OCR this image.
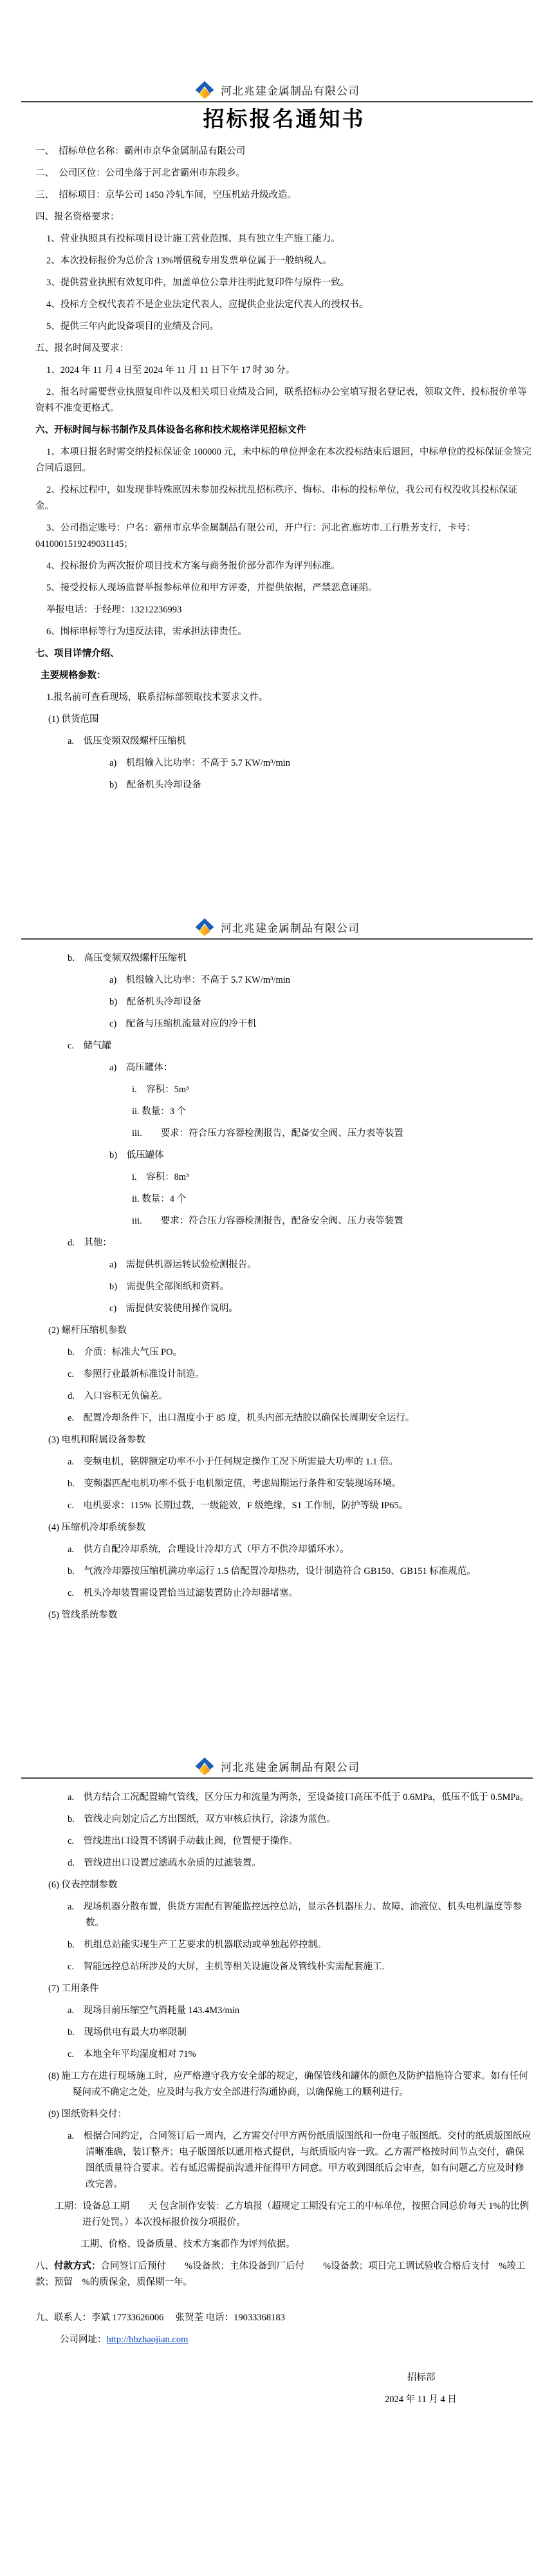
河北兆建金属制品有限公司
招标报名通知书
一、　招标单位名称：霸州市京华金属制品有限公司
二、　公司区位：公司坐落于河北省霸州市东段乡。
三、　招标项目：京华公司 1450 冷轧车间，空压机站升级改造。
四、报名资格要求：
1、营业执照具有投标项目设计施工营业范围、具有独立生产施工能力。
2、本次投标报价为总价含 13%增值税专用发票单位属于一般纳税人。
3、提供营业执照有效复印件，加盖单位公章并注明此复印件与原件一致。
4、投标方全权代表若不是企业法定代表人，应提供企业法定代表人的授权书。
5、提供三年内此设备项目的业绩及合同。
五、报名时间及要求：
1、2024 年 11 月 4 日至 2024 年 11 月 11 日下午 17 时 30 分。
2、报名时需要营业执照复印件以及相关项目业绩及合同，联系招标办公室填写报名登记表，领取文件、投标报价单等资料不准变更格式。
六、开标时间与标书制作及具体设备名称和技术规格详见招标文件
1、本项日报名时需交纳投标保证金 100000 元，未中标的单位押金在本次投标结束后退回，中标单位的投标保证金签完合同后退回。
2、投标过程中，如发现非特殊原因未参加投标扰乱招标秩序、悔标、串标的投标单位，我公司有权没收其投标保证金。
3、公司指定账号：户名：霸州市京华金属制品有限公司，开户行：河北省.廊坊市.工行胜芳支行，卡号：0410001519249031145；
4、投标报价为两次报价项目技术方案与商务报价部分都作为评判标准。
5、接受投标人现场监督举报参标单位和甲方评委，并提供依据，严禁恶意诬陷。
举报电话：于经理：13212236993
6、围标串标等行为违反法律，需承担法律责任。
七、项目详情介绍、
主要规格参数：
1.报名前可查看现场，联系招标部领取技术要求文件。
(1) 供货范围
a.　低压变频双级螺杆压缩机
a)　机组输入比功率：不高于 5.7 KW/m³/min
b)　配备机头冷却设备
河北兆建金属制品有限公司
b.　高压变频双级螺杆压缩机
a)　机组输入比功率：不高于 5.7 KW/m³/min
b)　配备机头冷却设备
c)　配备与压缩机流量对应的冷干机
c.　储气罐
a)　高压罐体：
i.　容积：5m³
ii. 数量：3 个
iii.　　要求：符合压力容器检测报告，配备安全阀、压力表等装置
b)　低压罐体
i.　容积：8m³
ii. 数量：4 个
iii.　　要求：符合压力容器检测报告，配备安全阀、压力表等装置
d.　其他：
a)　需提供机器运转试验检测报告。
b)　需提供全部图纸和资料。
c)　需提供安装使用操作说明。
(2) 螺杆压缩机参数
b.　介质：标准大气压 PO。
c.　参照行业最新标准设计制造。
d.　入口容积无负偏差。
e.　配置冷却条件下，出口温度小于 85 度，机头内部无结胶以确保长周期安全运行。
(3) 电机和附属设备参数
a.　变频电机，铭牌额定功率不小于任何规定操作工况下所需最大功率的 1.1 倍。
b.　变频器匹配电机功率不低于电机额定值，考虑周期运行条件和安装现场环境。
c.　电机要求：115% 长期过载，一级能效，F 级绝缘，S1 工作制，防护等级 IP65。
(4) 压缩机冷却系统参数
a.　供方自配冷却系统，合理设计冷却方式（甲方不供冷却循环水）。
b.　气液冷却器按压缩机满功率运行 1.5 倍配置冷却热功，设计制造符合 GB150、GB151 标准规范。
c.　机头冷却装置需设置恰当过滤装置防止冷却器堵塞。
(5) 管线系统参数
河北兆建金属制品有限公司
a.　供方结合工况配置输气管线，区分压力和流量为两条，至设备接口高压不低于 0.6MPa，低压不低于 0.5MPa。
b.　管线走向划定后乙方出图纸，双方审核后执行，涂漆为蓝色。
c.　管线进出口设置不锈钢手动截止阀，位置便于操作。
d.　管线进出口设置过滤疏水杂质的过滤装置。
(6) 仪表控制参数
a.　现场机器分散布置，供货方需配有智能监控远控总站，显示各机器压力、故障、油液位、机头电机温度等参数。
b.　机组总站能实现生产工艺要求的机器联动或单独起停控制。
c.　智能远控总站所涉及的大屏，主机等相关设施设备及管线朴实需配套施工.
(7) 工用条件
a.　现场目前压缩空气消耗量 143.4M3/min
b.　现场供电有最大功率限制
c.　本地全年平均湿度相对 71%
(8) 施工方在进行现场施工时，应严格遵守我方安全部的规定，确保管线和罐体的颜色及防护措施符合要求。如有任何疑问或不确定之处，应及时与我方安全部进行沟通协商，以确保施工的顺利进行。
(9) 图纸资料交付：
a.　根据合同约定，合同签订后一周内，乙方需交付甲方两份纸质版图纸和一份电子版图纸。交付的纸质版图纸应清晰准确，装订整齐；电子版图纸以通用格式提供，与纸质版内容一致。乙方需严格按时间节点交付，确保图纸质量符合要求。若有延迟需提前沟通并征得甲方同意。甲方收到图纸后会审查，如有问题乙方应及时修改完善。
工期：设备总工期　　天 包含制作安装：乙方填报（超规定工期没有完工的中标单位，按照合同总价每天 1%的比例进行处罚。）本次投标报价按分项报价。
工期、价格、设备质量、技术方案都作为评判依据。
八、付款方式：合同签订后预付　　%设备款；主体设备到厂后付　　%设备款；项目完工调试验收合格后支付　%竣工款；预留　%的质保金，质保期一年。
九、联系人：李斌 17733626006　 张贺荃 电话：19033368183
公司网址：http://hbzhaojian.com
招标部
2024 年 11 月 4 日
